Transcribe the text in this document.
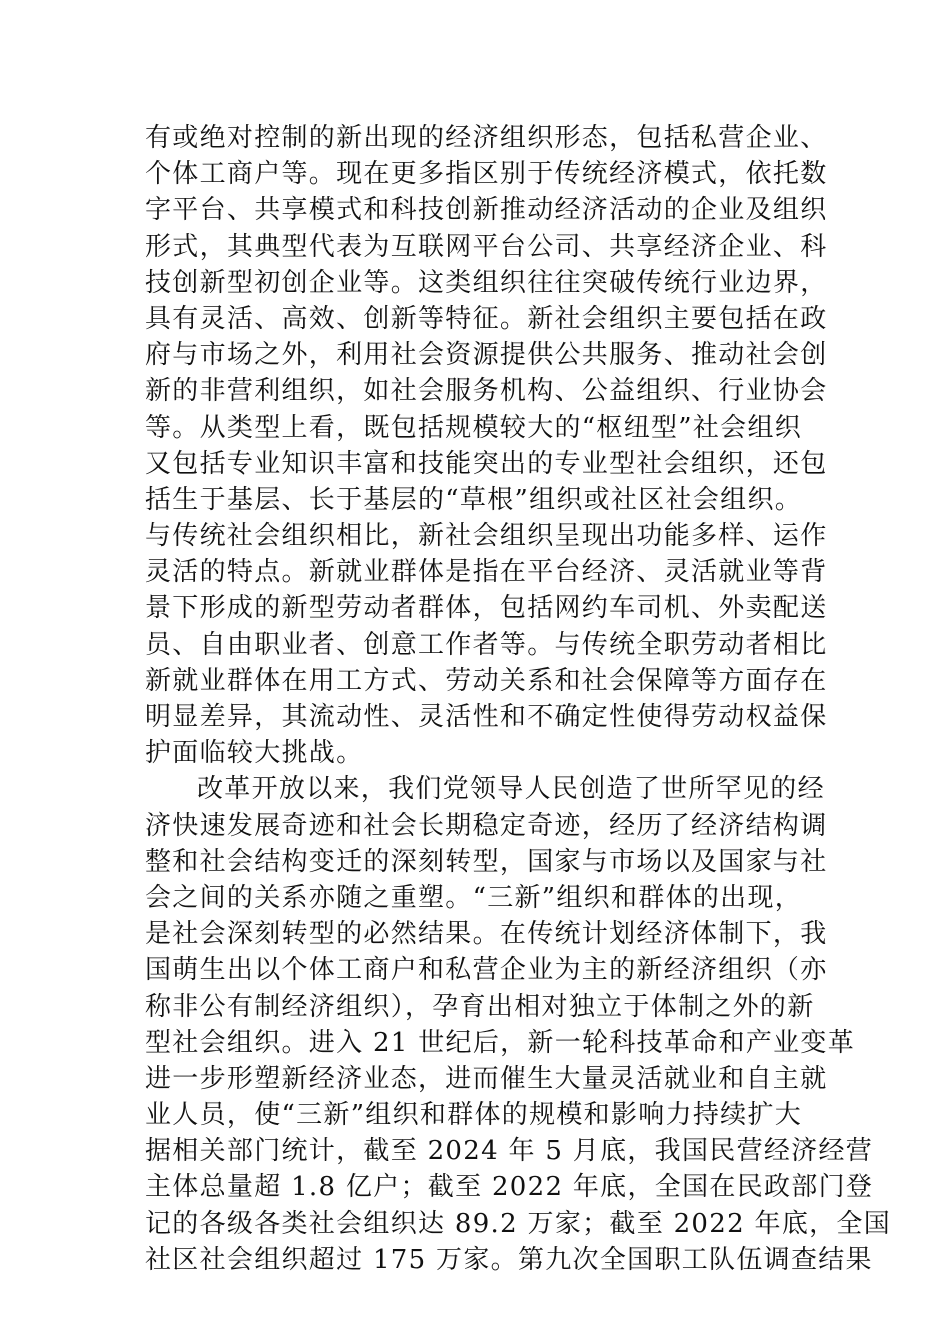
有或绝对控制的新出现的经济组织形态，包括私营企业、
个体工商户等。现在更多指区别于传统经济模式，依托数
字平台、共享模式和科技创新推动经济活动的企业及组织
形式，其典型代表为互联网平台公司、共享经济企业、科
技创新型初创企业等。这类组织往往突破传统行业边界，
具有灵活、高效、创新等特征。新社会组织主要包括在政
府与市场之外，利用社会资源提供公共服务、推动社会创
新的非营利组织，如社会服务机构、公益组织、行业协会
等。从类型上看，既包括规模较大的“枢纽型”社会组织
又包括专业知识丰富和技能突出的专业型社会组织，还包
括生于基层、长于基层的“草根”组织或社区社会组织。
与传统社会组织相比，新社会组织呈现出功能多样、运作
灵活的特点。新就业群体是指在平台经济、灵活就业等背
景下形成的新型劳动者群体，包括网约车司机、外卖配送
员、自由职业者、创意工作者等。与传统全职劳动者相比
新就业群体在用工方式、劳动关系和社会保障等方面存在
明显差异，其流动性、灵活性和不确定性使得劳动权益保
护面临较大挑战。
改革开放以来，我们党领导人民创造了世所罕见的经
济快速发展奇迹和社会长期稳定奇迹，经历了经济结构调
整和社会结构变迁的深刻转型，国家与市场以及国家与社
会之间的关系亦随之重塑。“三新”组织和群体的出现，
是社会深刻转型的必然结果。在传统计划经济体制下，我
国萌生出以个体工商户和私营企业为主的新经济组织（亦
称非公有制经济组织），孕育出相对独立于体制之外的新
型社会组织。进入 21 世纪后，新一轮科技革命和产业变革
进一步形塑新经济业态，进而催生大量灵活就业和自主就
业人员，使“三新”组织和群体的规模和影响力持续扩大
据相关部门统计，截至 2024 年 5 月底，我国民营经济经营
主体总量超 1.8 亿户；截至 2022 年底，全国在民政部门登
记的各级各类社会组织达 89.2 万家；截至 2022 年底，全国
社区社会组织超过 175 万家。第九次全国职工队伍调查结果
